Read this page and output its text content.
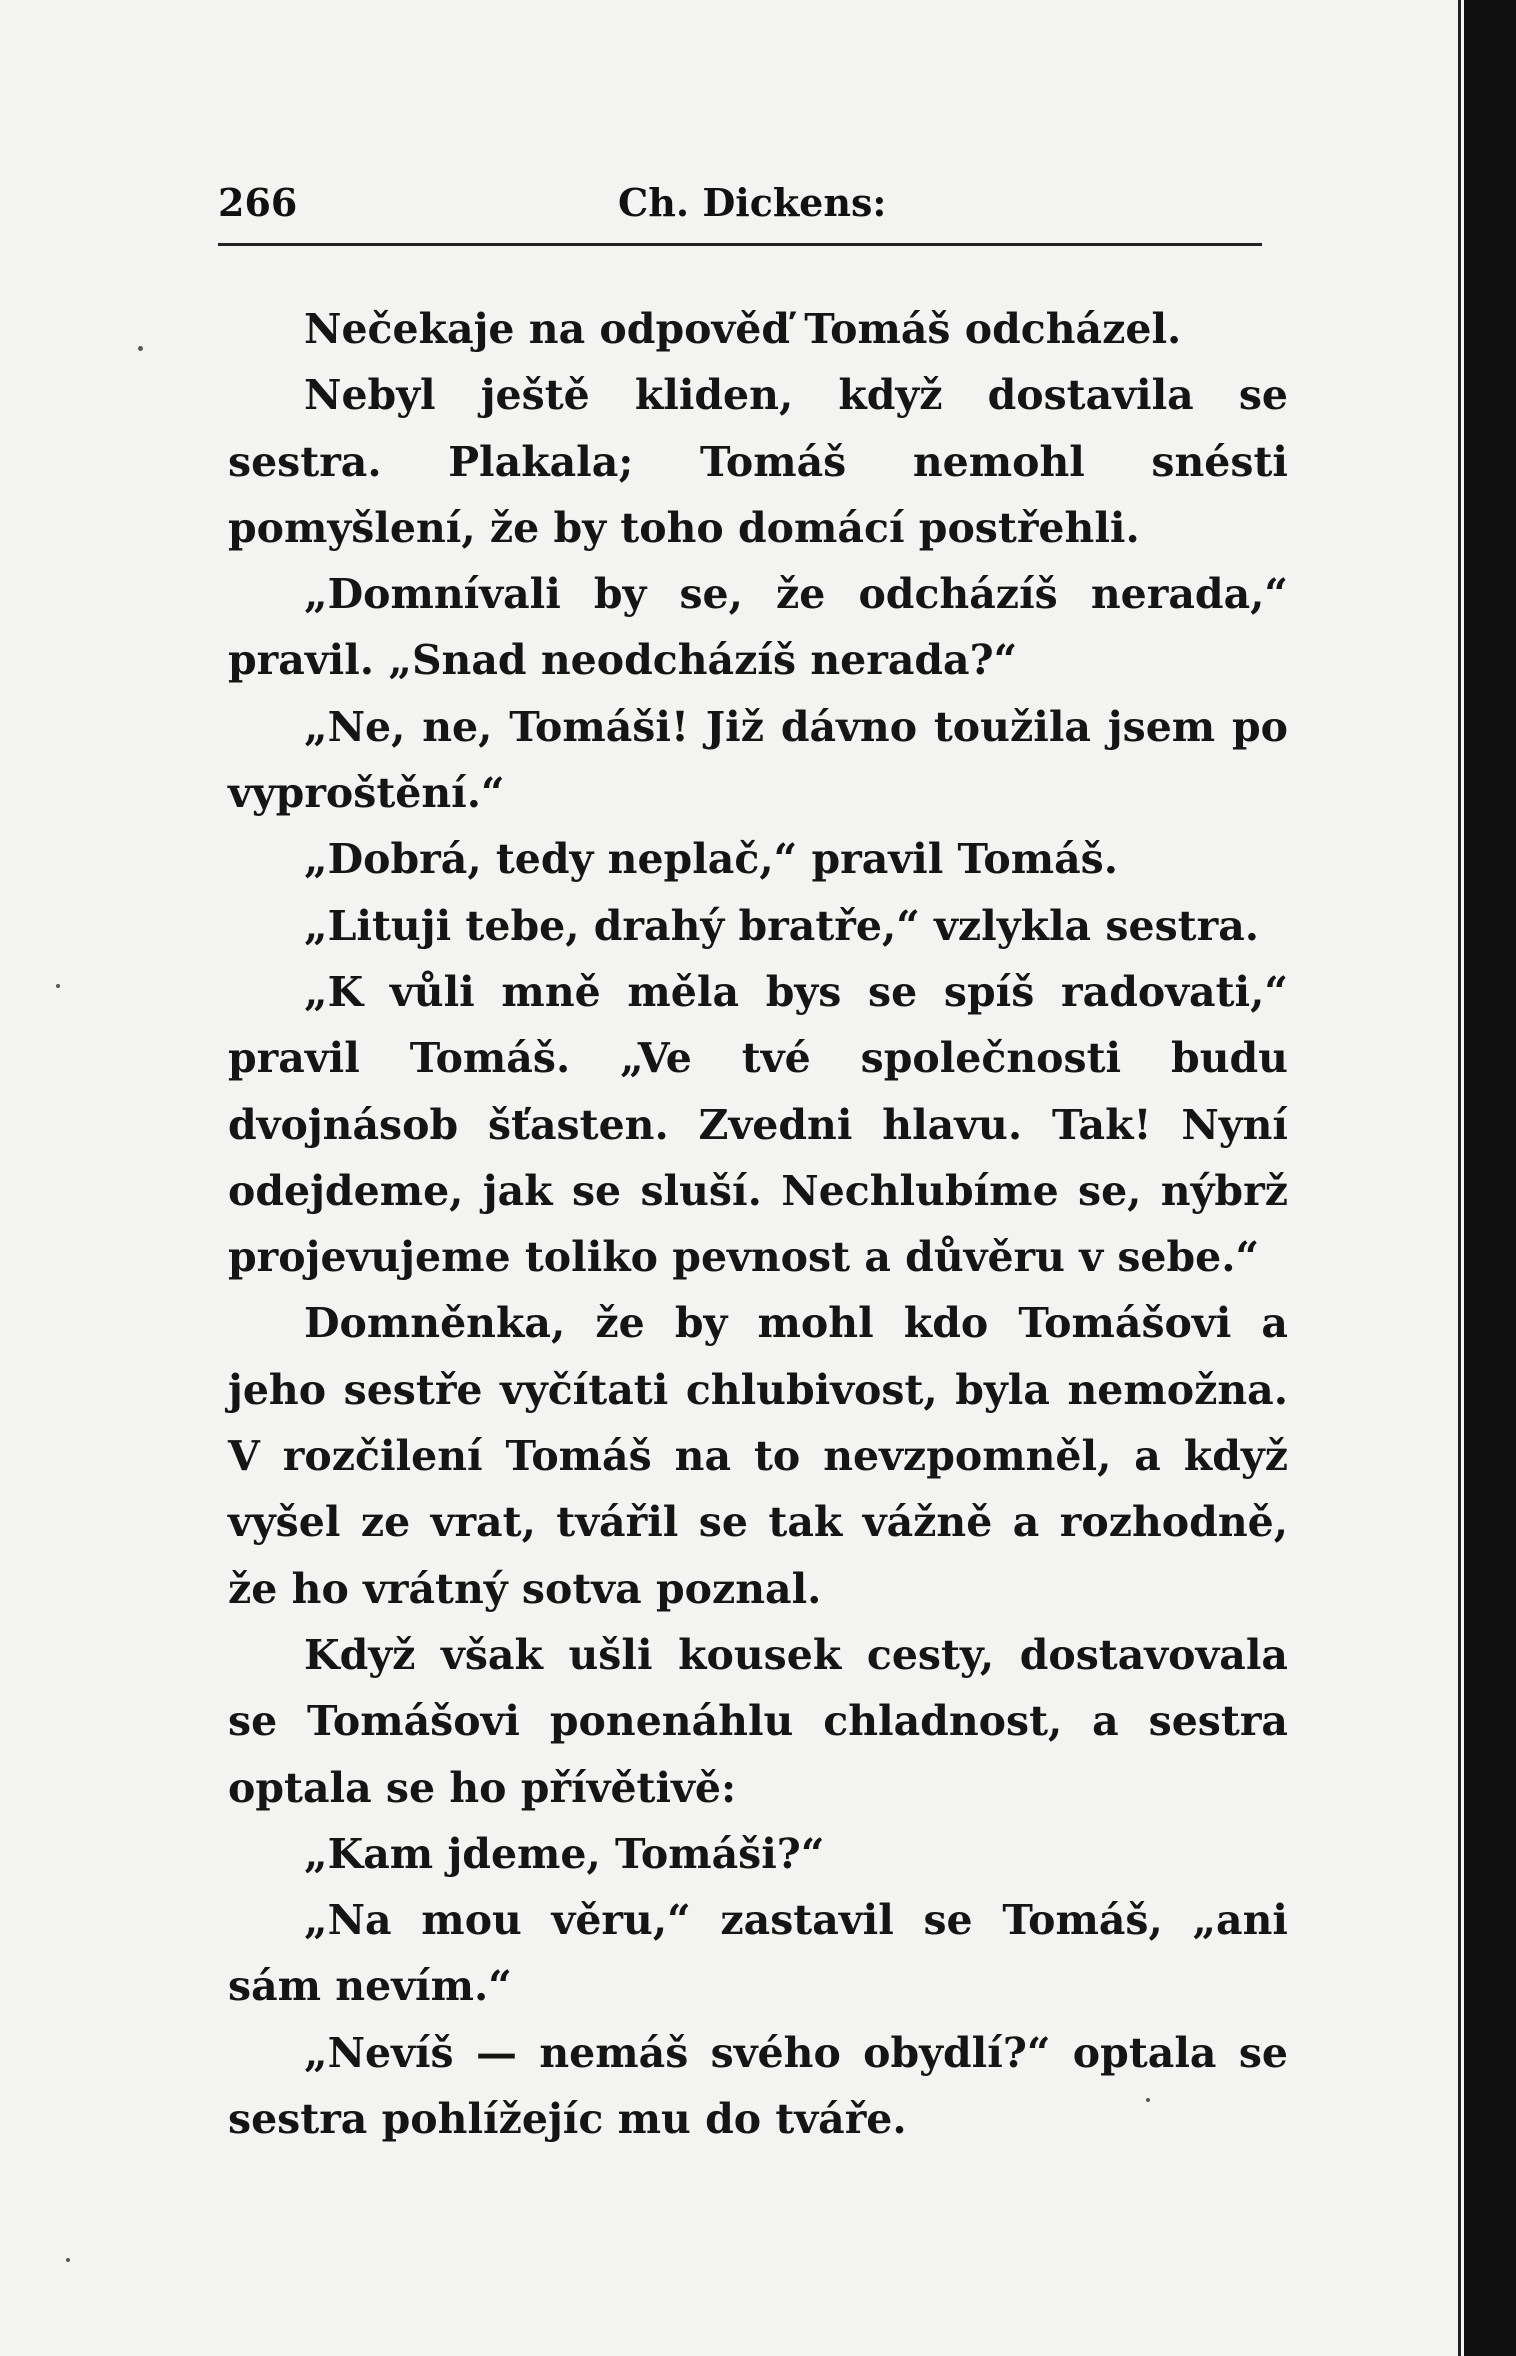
266	Ch. Dickens:

Nečekaje na odpověď Tomáš odcházel.

Nebyl ještě kliden, když dostavila se sestra. Plakala; Tomáš nemohl snésti pomyšlení, že by toho domácí postřehli.

„Domnívali by se, že odcházíš nerada,“ pravil. „Snad neodcházíš nerada?“

„Ne, ne, Tomáši! Již dávno toužila jsem po vyproštění.“

„Dobrá, tedy neplač,“ pravil Tomáš.

„Lituji tebe, drahý bratře,“ vzlykla sestra.

„K vůli mně měla bys se spíš radovati,“ pravil Tomáš. „Ve tvé společnosti budu dvojnásob šťasten. Zvedni hlavu. Tak! Nyní odejdeme, jak se sluší. Nechlubíme se, nýbrž projevujeme toliko pevnost a důvěru v sebe.“

Domněnka, že by mohl kdo Tomášovi a jeho sestře vyčítati chlubivost, byla nemožna. V rozčilení Tomáš na to nevzpomněl, a když vyšel ze vrat, tvářil se tak vážně a rozhodně, že ho vrátný sotva poznal.

Když však ušli kousek cesty, dostavovala se Tomášovi ponenáhlu chladnost, a sestra optala se ho přívětivě:

„Kam jdeme, Tomáši?“

„Na mou věru,“ zastavil se Tomáš, „ani sám nevím.“

„Nevíš — nemáš svého obydlí?“ optala se sestra pohlížejíc mu do tváře.
